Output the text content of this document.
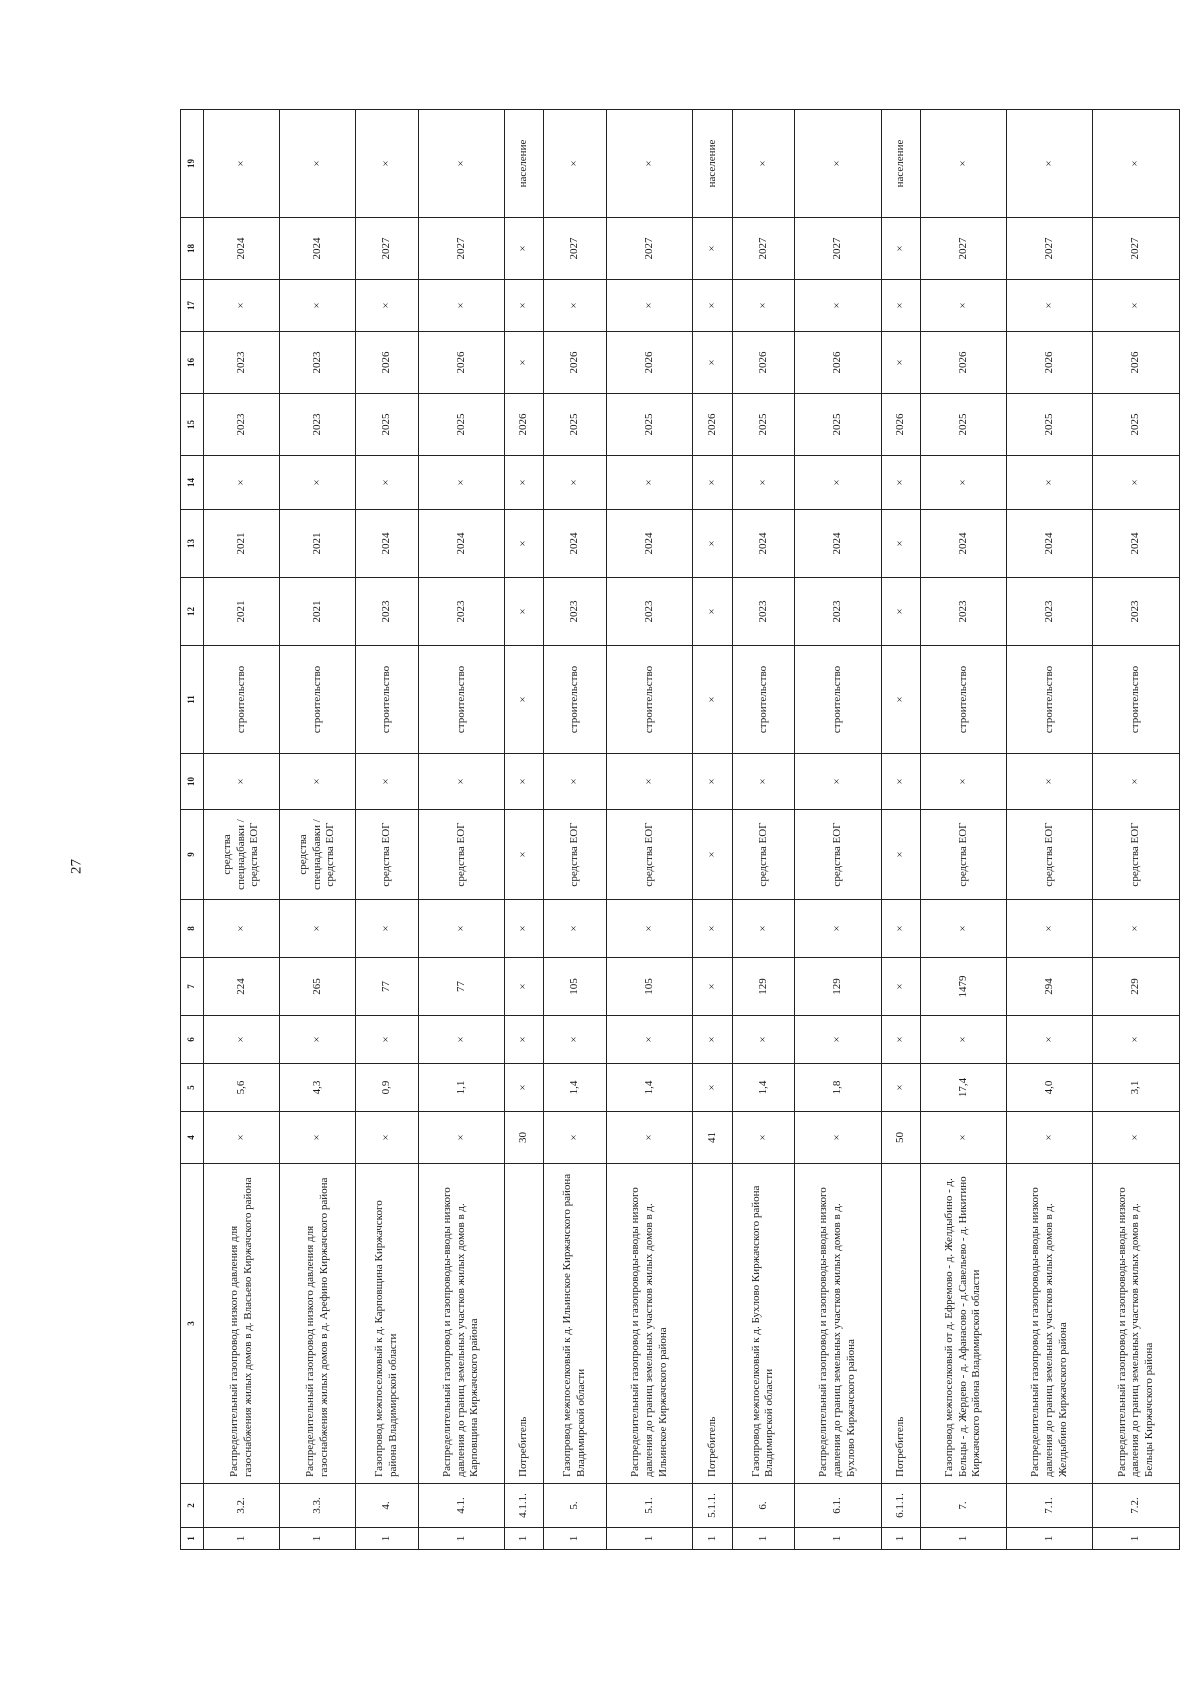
27
1	2	3	4	5	6	7	8	9	10	11	12	13	14	15	16	17	18	19
1	3.2.	Распределительный газопровод низкого давления для газоснабжения жилых домов в д. Власьево Киржачского района	×	5,6	×	224	×	средства спецнадбавки /средства ЕОГ	×	строительство	2021	2021	×	2023	2023	×	2024	×
1	3.3.	Распределительный газопровод низкого давления для газоснабжения жилых домов в д. Арефино Киржачского района	×	4,3	×	265	×	средства спецнадбавки /средства ЕОГ	×	строительство	2021	2021	×	2023	2023	×	2024	×
1	4.	Газопровод межпоселковый к д. Карповщина Киржачского района Владимирской области	×	0,9	×	77	×	средства ЕОГ	×	строительство	2023	2024	×	2025	2026	×	2027	×
1	4.1.	Распределительный газопровод и газопроводы-вводы низкого давления до границ земельных участков жилых домов в д. Карповщина Киржачского района	×	1,1	×	77	×	средства ЕОГ	×	строительство	2023	2024	×	2025	2026	×	2027	×
1	4.1.1.	Потребитель	30	×	×	×	×	×	×	×	×	×	×	2026	×	×	×	население
1	5.	Газопровод межпоселковый к д. Ильинское Киржачского района Владимирской области	×	1,4	×	105	×	средства ЕОГ	×	строительство	2023	2024	×	2025	2026	×	2027	×
1	5.1.	Распределительный газопровод и газопроводы-вводы низкого давления до границ земельных участков жилых домов в д. Ильинское Киржачского района	×	1,4	×	105	×	средства ЕОГ	×	строительство	2023	2024	×	2025	2026	×	2027	×
1	5.1.1.	Потребитель	41	×	×	×	×	×	×	×	×	×	×	2026	×	×	×	население
1	6.	Газопровод межпоселковый к д. Бухлово Киржачского района Владимирской области	×	1,4	×	129	×	средства ЕОГ	×	строительство	2023	2024	×	2025	2026	×	2027	×
1	6.1.	Распределительный газопровод и газопроводы-вводы низкого давления до границ земельных участков жилых домов в д. Бухлово Киржачского района	×	1,8	×	129	×	средства ЕОГ	×	строительство	2023	2024	×	2025	2026	×	2027	×
1	6.1.1.	Потребитель	50	×	×	×	×	×	×	×	×	×	×	2026	×	×	×	население
1	7.	Газопровод межпоселковый от д. Ефремово - д. Желдыбино - д. Бельцы - д. Жердево - д. Афанасово - д.Савельево - д. Никитино Киржачского района Владимирской области	×	17,4	×	1479	×	средства ЕОГ	×	строительство	2023	2024	×	2025	2026	×	2027	×
1	7.1.	Распределительный газопровод и газопроводы-вводы низкого давления до границ земельных участков жилых домов в д. Желдыбино Киржачского района	×	4,0	×	294	×	средства ЕОГ	×	строительство	2023	2024	×	2025	2026	×	2027	×
1	7.2.	Распределительный газопровод и газопроводы-вводы низкого давления до границ земельных участков жилых домов в д. Бельцы Киржачского района	×	3,1	×	229	×	средства ЕОГ	×	строительство	2023	2024	×	2025	2026	×	2027	×
